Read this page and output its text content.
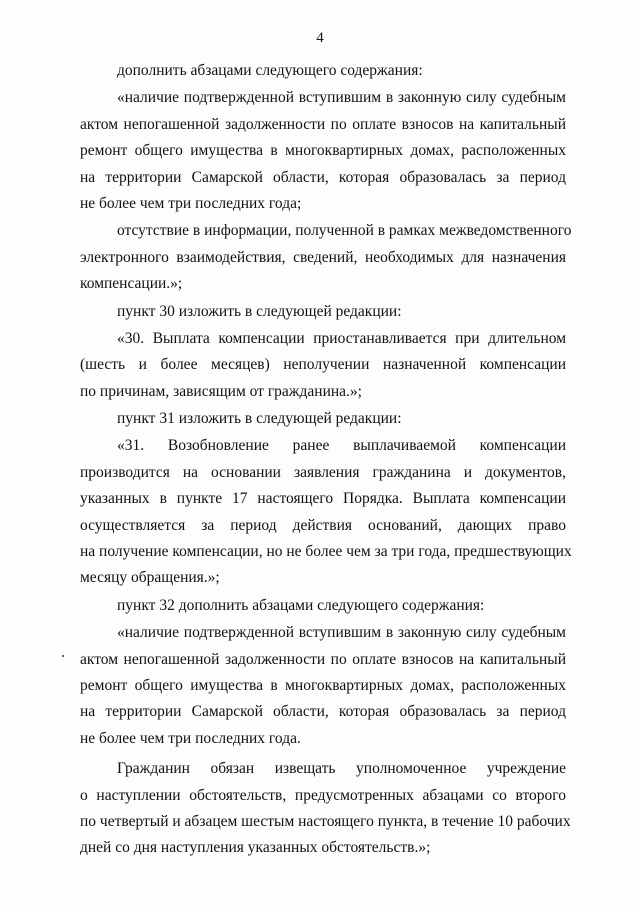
4
дополнить абзацами следующего содержания:
«наличие подтвержденной вступившим в законную силу судебным
актом непогашенной задолженности по оплате взносов на капитальный
ремонт общего имущества в многоквартирных домах, расположенных
на территории Самарской области, которая образовалась за период
не более чем три последних года;
отсутствие в информации, полученной в рамках межведомственного
электронного взаимодействия, сведений, необходимых для назначения
компенсации.»;
пункт 30 изложить в следующей редакции:
«30. Выплата компенсации приостанавливается при длительном
(шесть и более месяцев) неполучении назначенной компенсации
по причинам, зависящим от гражданина.»;
пункт 31 изложить в следующей редакции:
«31. Возобновление ранее выплачиваемой компенсации
производится на основании заявления гражданина и документов,
указанных в пункте 17 настоящего Порядка. Выплата компенсации
осуществляется за период действия оснований, дающих право
на получение компенсации, но не более чем за три года, предшествующих
месяцу обращения.»;
пункт 32 дополнить абзацами следующего содержания:
«наличие подтвержденной вступившим в законную силу судебным
актом непогашенной задолженности по оплате взносов на капитальный
ремонт общего имущества в многоквартирных домах, расположенных
на территории Самарской области, которая образовалась за период
не более чем три последних года.
Гражданин обязан извещать уполномоченное учреждение
о наступлении обстоятельств, предусмотренных абзацами со второго
по четвертый и абзацем шестым настоящего пункта, в течение 10 рабочих
дней со дня наступления указанных обстоятельств.»;
